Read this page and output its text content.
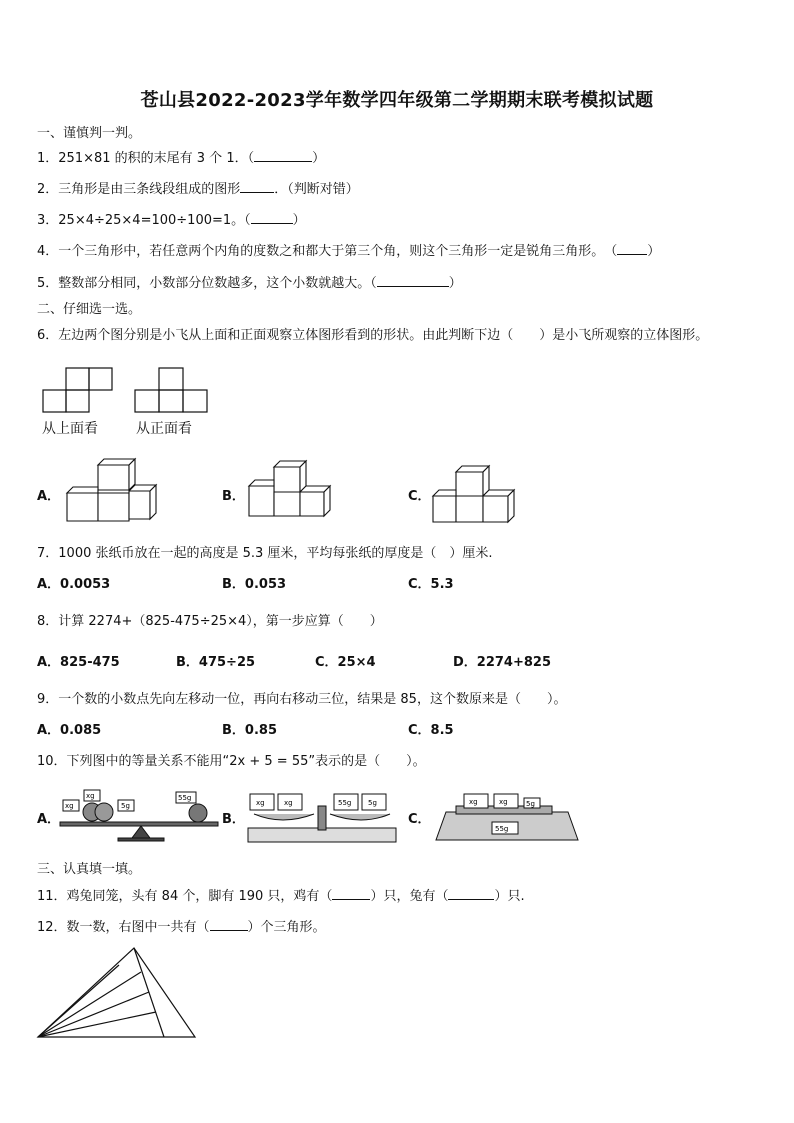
苍山县2022-2023学年数学四年级第二学期期末联考模拟试题
一、谨慎判一判。
1．251×81 的积的末尾有 3 个 1．（	）
2．三角形是由三条线段组成的图形	．（判断对错）
3．25×4÷25×4=100÷100=1。（	）
4．一个三角形中，若任意两个内角的度数之和都大于第三个角，则这个三角形一定是锐角三角形。　（ ）
5．整数部分相同，小数部分位数越多，这个小数就越大。（	）
二、仔细选一选。
6．左边两个图分别是小飞从上面和正面观察立体图形看到的形状。由此判断下边（　　）是小飞所观察的立体图形。
从上面看	从正面看
A．	B．	C．
7．1000 张纸币放在一起的高度是 5.3 厘米，平均每张纸的厚度是（　）厘米.
A．0.0053	B．0.053	C．5.3
8．计算 2274+（825-475÷25×4），第一步应算（　　）
A．825-475	B．475÷25	C．25×4	D．2274+825
9．一个数的小数点先向左移动一位，再向右移动三位，结果是 85，这个数原来是（　　）。
A．0.085	B．0.85	C．8.5
10．下列图中的等量关系不能用“2x + 5 = 55”表示的是（　　）。
A．
xg
xg
5g
55g
B．
xg	xg	55g 5g
C．
xg	xg	5g
55g
三、认真填一填。
11．鸡兔同笼，头有 84 个，脚有 190 只，鸡有（	）只，兔有（	）只.
12．数一数，右图中一共有（	）个三角形。
